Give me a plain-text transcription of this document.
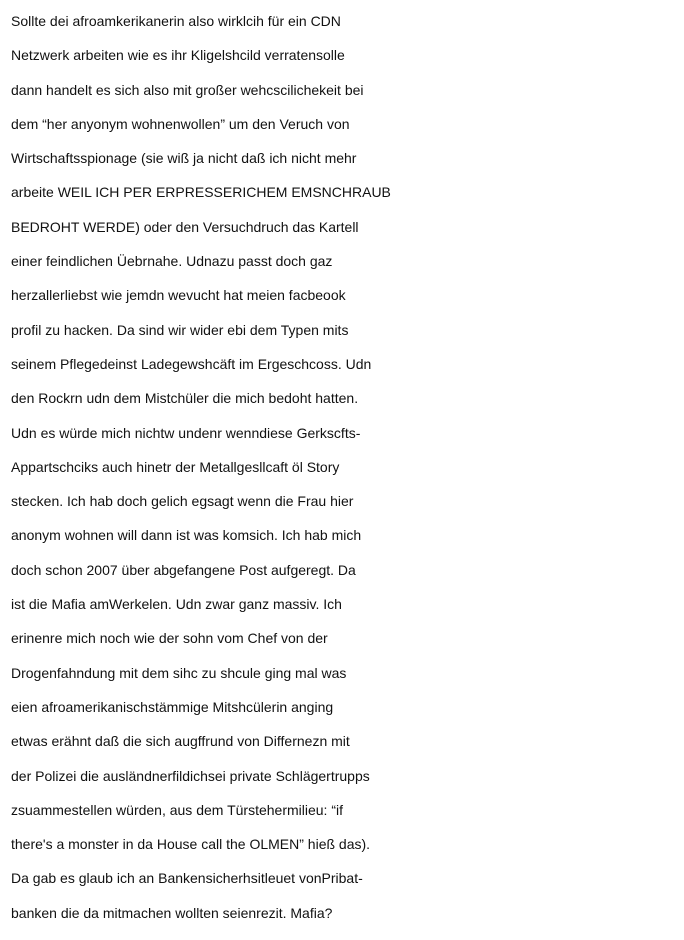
Sollte dei afroamkerikanerin also wirklcih für ein CDN
Netzwerk arbeiten wie es ihr Kligelshcild verratensolle
dann handelt es sich also mit großer wehcscilichekeit bei
dem “her anyonym wohnenwollen” um den Veruch von
Wirtschaftsspionage (sie wiß ja nicht daß ich nicht mehr
arbeite WEIL ICH PER ERPRESSERICHEM EMSNCHRAUB
BEDROHT WERDE) oder den Versuchdruch das Kartell
einer feindlichen Üebrnahe. Udnazu passt doch gaz
herzallerliebst wie jemdn wevucht hat meien facbeook
profil zu hacken. Da sind wir wider ebi dem Typen mits
seinem Pflegedeinst Ladegewshcäft im Ergeschcoss. Udn
den Rockrn udn dem Mistchüler die mich bedoht hatten.
Udn es würde mich nichtw undenr wenndiese Gerkscfts-
Appartschciks auch hinetr der Metallgesllcaft öl Story
stecken. Ich hab doch gelich egsagt wenn die Frau hier
anonym wohnen will dann ist was komsich. Ich hab mich
doch schon 2007 über abgefangene Post aufgeregt. Da
ist die Mafia amWerkelen. Udn zwar ganz massiv. Ich
erinenre mich noch wie der sohn vom Chef von der
Drogenfahndung mit dem sihc zu shcule ging mal was
eien afroamerikanischstämmige Mitshcülerin anging
etwas erähnt daß die sich augffrund von Differnezn mit
der Polizei die ausländnerfildichsei private Schlägertrupps
zsuammestellen würden, aus dem Türstehermilieu: “if
there's a monster in da House call the OLMEN” hieß das).
Da gab es glaub ich an Bankensicherhsitleuet vonPribat-
banken die da mitmachen wollten seienrezit. Mafia?
